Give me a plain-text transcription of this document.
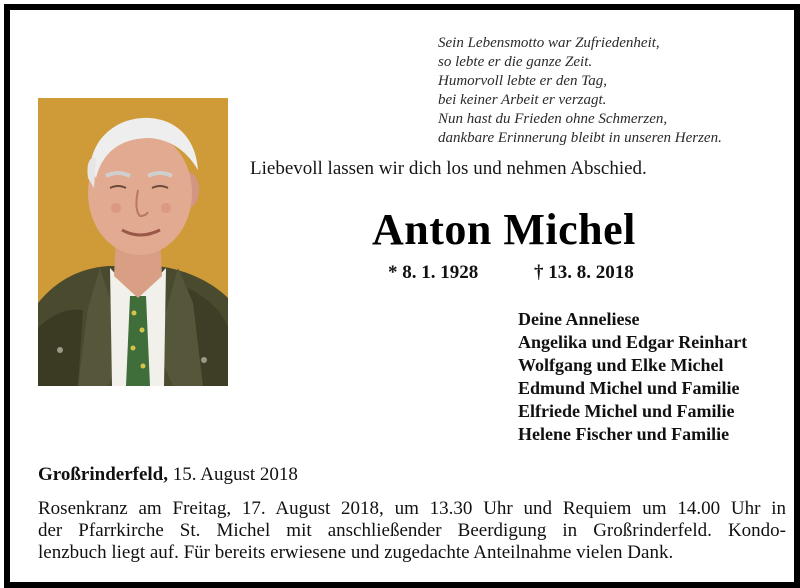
Sein Lebensmotto war Zufriedenheit,
so lebte er die ganze Zeit.
Humorvoll lebte er den Tag,
bei keiner Arbeit er verzagt.
Nun hast du Frieden ohne Schmerzen,
dankbare Erinnerung bleibt in unseren Herzen.
Liebevoll lassen wir dich los und nehmen Abschied.
Anton Michel
* 8. 1. 1928	† 13. 8. 2018
Deine Anneliese
Angelika und Edgar Reinhart
Wolfgang und Elke Michel
Edmund Michel und Familie
Elfriede Michel und Familie
Helene Fischer und Familie
Großrinderfeld, 15. August 2018
Rosenkranz am Freitag, 17. August 2018, um 13.30 Uhr und Requiem um 14.00 Uhr in
der Pfarrkirche St. Michel mit anschließender Beerdigung in Großrinderfeld. Kondo-
lenzbuch liegt auf. Für bereits erwiesene und zugedachte Anteilnahme vielen Dank.
